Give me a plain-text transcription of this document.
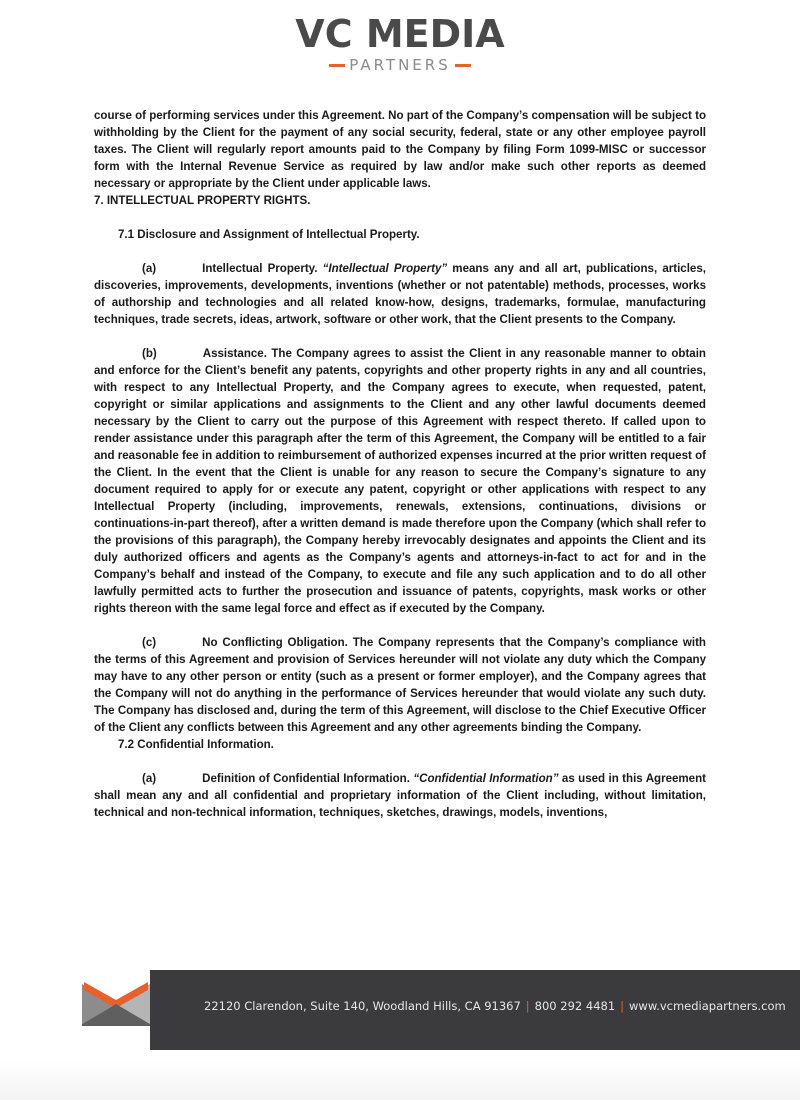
VC MEDIA
PARTNERS

course of performing services under this Agreement. No part of the Company’s compensation will be subject to withholding by the Client for the payment of any social security, federal, state or any other employee payroll taxes. The Client will regularly report amounts paid to the Company by filing Form 1099-MISC or successor form with the Internal Revenue Service as required by law and/or make such other reports as deemed necessary or appropriate by the Client under applicable laws.

7. INTELLECTUAL PROPERTY RIGHTS.

7.1 Disclosure and Assignment of Intellectual Property.

(a)	Intellectual Property. “Intellectual Property” means any and all art, publications, articles, discoveries, improvements, developments, inventions (whether or not patentable) methods, processes, works of authorship and technologies and all related know-how, designs, trademarks, formulae, manufacturing techniques, trade secrets, ideas, artwork, software or other work, that the Client presents to the Company.

(b)	Assistance. The Company agrees to assist the Client in any reasonable manner to obtain and enforce for the Client’s benefit any patents, copyrights and other property rights in any and all countries, with respect to any Intellectual Property, and the Company agrees to execute, when requested, patent, copyright or similar applications and assignments to the Client and any other lawful documents deemed necessary by the Client to carry out the purpose of this Agreement with respect thereto. If called upon to render assistance under this paragraph after the term of this Agreement, the Company will be entitled to a fair and reasonable fee in addition to reimbursement of authorized expenses incurred at the prior written request of the Client. In the event that the Client is unable for any reason to secure the Company’s signature to any document required to apply for or execute any patent, copyright or other applications with respect to any Intellectual Property (including, improvements, renewals, extensions, continuations, divisions or continuations-in-part thereof), after a written demand is made therefore upon the Company (which shall refer to the provisions of this paragraph), the Company hereby irrevocably designates and appoints the Client and its duly authorized officers and agents as the Company’s agents and attorneys-in-fact to act for and in the Company’s behalf and instead of the Company, to execute and file any such application and to do all other lawfully permitted acts to further the prosecution and issuance of patents, copyrights, mask works or other rights thereon with the same legal force and effect as if executed by the Company.

(c)	No Conflicting Obligation. The Company represents that the Company’s compliance with the terms of this Agreement and provision of Services hereunder will not violate any duty which the Company may have to any other person or entity (such as a present or former employer), and the Company agrees that the Company will not do anything in the performance of Services hereunder that would violate any such duty. The Company has disclosed and, during the term of this Agreement, will disclose to the Chief Executive Officer of the Client any conflicts between this Agreement and any other agreements binding the Company.

7.2 Confidential Information.

(a)	Definition of Confidential Information. “Confidential Information” as used in this Agreement shall mean any and all confidential and proprietary information of the Client including, without limitation, technical and non-technical information, techniques, sketches, drawings, models, inventions,

22120 Clarendon, Suite 140, Woodland Hills, CA 91367 | 800 292 4481 | www.vcmediapartners.com
